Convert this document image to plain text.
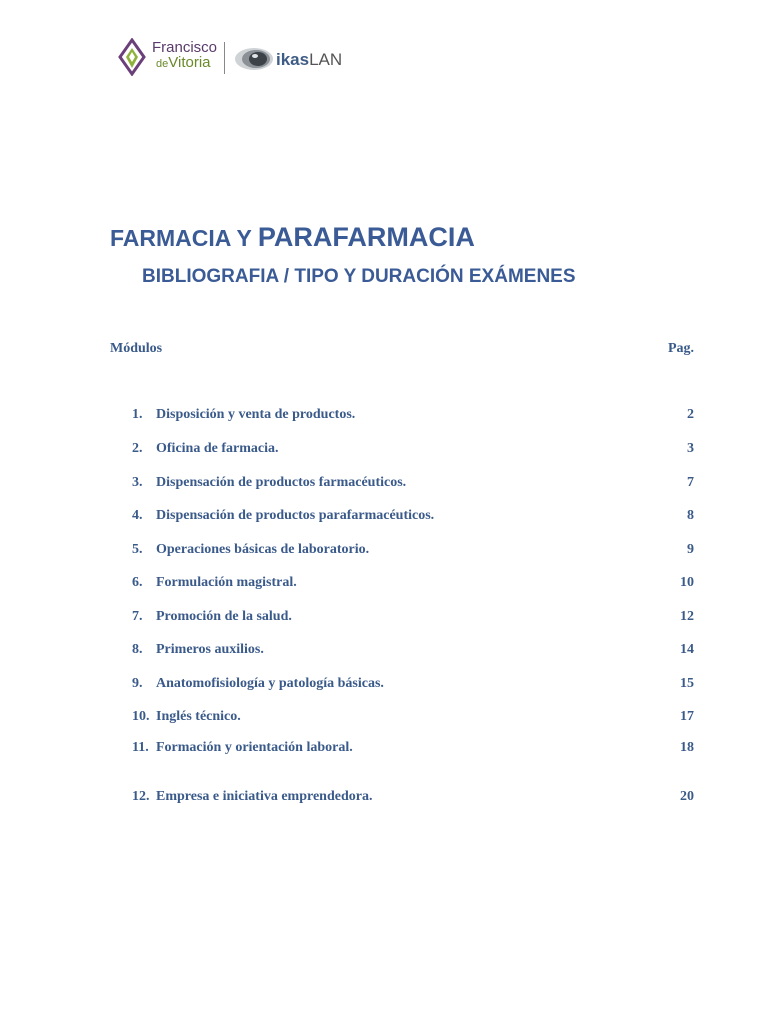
Francisco
deVitoria	ikasLAN
FARMACIA Y PARAFARMACIA
BIBLIOGRAFIA / TIPO Y DURACIÓN EXÁMENES
Módulos	Pag.
1. Disposición y venta de productos.	2
2. Oficina de farmacia.	3
3. Dispensación de productos farmacéuticos.	7
4. Dispensación de productos parafarmacéuticos.	8
5. Operaciones básicas de laboratorio.	9
6. Formulación magistral.	10
7. Promoción de la salud.	12
8. Primeros auxilios.	14
9. Anatomofisiología y patología básicas.	15
10. Inglés técnico.	17
11. Formación y orientación laboral.	18
12. Empresa e iniciativa emprendedora.	20
